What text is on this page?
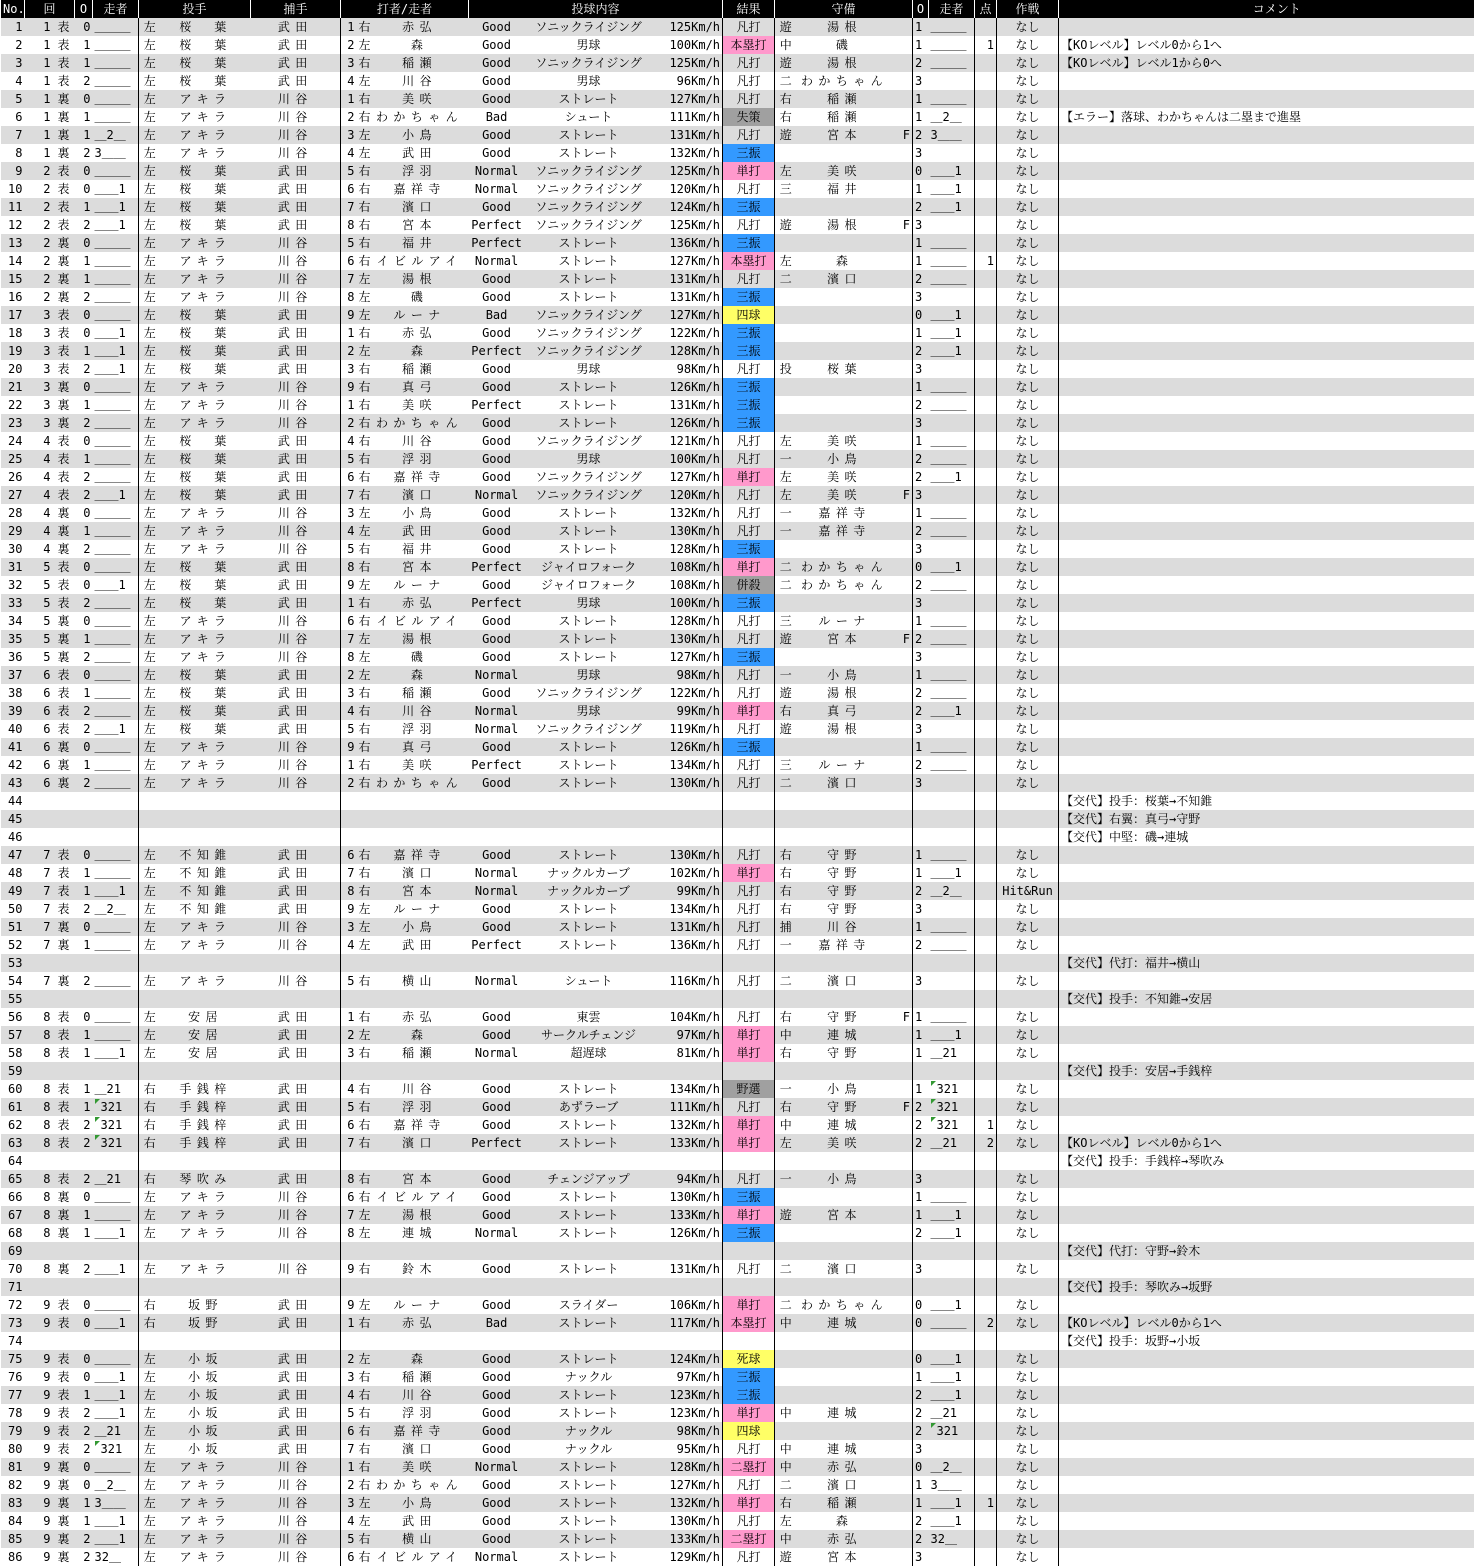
No.	回		O	走者	投手		捕手	打者/走者			投球内容			結果	守備			O	走者	点	作戦	コメント
1	1	表	0	＿＿＿	左	桜　葉	武田	1	右	赤弘	Good	ソニックライジング	125Km/h	凡打	遊	湯根		1	＿＿＿		なし	
2	1	表	1	＿＿＿	左	桜　葉	武田	2	左	森	Good	男球	100Km/h	本塁打	中	磯		1	＿＿＿	1	なし	【KOレベル】レベル0から1へ
3	1	表	1	＿＿＿	左	桜　葉	武田	3	右	稲瀬	Good	ソニックライジング	125Km/h	凡打	遊	湯根		2	＿＿＿		なし	【KOレベル】レベル1から0へ
4	1	表	2	＿＿＿	左	桜　葉	武田	4	左	川谷	Good	男球	96Km/h	凡打	二	わかちゃん		3			なし	
5	1	裏	0	＿＿＿	左	アキラ	川谷	1	右	美咲	Good	ストレート	127Km/h	凡打	右	稲瀬		1	＿＿＿		なし	
6	1	裏	1	＿＿＿	左	アキラ	川谷	2	右	わかちゃん	Bad	シュート	111Km/h	失策	右	稲瀬		1	＿2＿		なし	【エラー】落球、わかちゃんは二塁まで進塁
7	1	裏	1	＿2＿	左	アキラ	川谷	3	左	小鳥	Good	ストレート	131Km/h	凡打	遊	宮本	F	2	3＿＿		なし	
8	1	裏	2	3＿＿	左	アキラ	川谷	4	左	武田	Good	ストレート	132Km/h	三振				3			なし	
9	2	表	0	＿＿＿	左	桜　葉	武田	5	右	浮羽	Normal	ソニックライジング	125Km/h	単打	左	美咲		0	＿＿1		なし	
10	2	表	0	＿＿1	左	桜　葉	武田	6	右	嘉祥寺	Normal	ソニックライジング	120Km/h	凡打	三	福井		1	＿＿1		なし	
11	2	表	1	＿＿1	左	桜　葉	武田	7	右	濱口	Good	ソニックライジング	124Km/h	三振				2	＿＿1		なし	
12	2	表	2	＿＿1	左	桜　葉	武田	8	右	宮本	Perfect	ソニックライジング	125Km/h	凡打	遊	湯根	F	3			なし	
13	2	裏	0	＿＿＿	左	アキラ	川谷	5	右	福井	Perfect	ストレート	136Km/h	三振				1	＿＿＿		なし	
14	2	裏	1	＿＿＿	左	アキラ	川谷	6	右	イビルアイ	Normal	ストレート	127Km/h	本塁打	左	森		1	＿＿＿	1	なし	
15	2	裏	1	＿＿＿	左	アキラ	川谷	7	左	湯根	Good	ストレート	131Km/h	凡打	二	濱口		2	＿＿＿		なし	
16	2	裏	2	＿＿＿	左	アキラ	川谷	8	左	磯	Good	ストレート	131Km/h	三振				3			なし	
17	3	表	0	＿＿＿	左	桜　葉	武田	9	左	ルーナ	Bad	ソニックライジング	127Km/h	四球				0	＿＿1		なし	
18	3	表	0	＿＿1	左	桜　葉	武田	1	右	赤弘	Good	ソニックライジング	122Km/h	三振				1	＿＿1		なし	
19	3	表	1	＿＿1	左	桜　葉	武田	2	左	森	Perfect	ソニックライジング	128Km/h	三振				2	＿＿1		なし	
20	3	表	2	＿＿1	左	桜　葉	武田	3	右	稲瀬	Good	男球	98Km/h	凡打	投	桜葉		3			なし	
21	3	裏	0	＿＿＿	左	アキラ	川谷	9	右	真弓	Good	ストレート	126Km/h	三振				1	＿＿＿		なし	
22	3	裏	1	＿＿＿	左	アキラ	川谷	1	右	美咲	Perfect	ストレート	131Km/h	三振				2	＿＿＿		なし	
23	3	裏	2	＿＿＿	左	アキラ	川谷	2	右	わかちゃん	Good	ストレート	126Km/h	三振				3			なし	
24	4	表	0	＿＿＿	左	桜　葉	武田	4	右	川谷	Good	ソニックライジング	121Km/h	凡打	左	美咲		1	＿＿＿		なし	
25	4	表	1	＿＿＿	左	桜　葉	武田	5	右	浮羽	Good	男球	100Km/h	凡打	一	小鳥		2	＿＿＿		なし	
26	4	表	2	＿＿＿	左	桜　葉	武田	6	右	嘉祥寺	Good	ソニックライジング	127Km/h	単打	左	美咲		2	＿＿1		なし	
27	4	表	2	＿＿1	左	桜　葉	武田	7	右	濱口	Normal	ソニックライジング	120Km/h	凡打	左	美咲	F	3			なし	
28	4	裏	0	＿＿＿	左	アキラ	川谷	3	左	小鳥	Good	ストレート	132Km/h	凡打	一	嘉祥寺		1	＿＿＿		なし	
29	4	裏	1	＿＿＿	左	アキラ	川谷	4	左	武田	Good	ストレート	130Km/h	凡打	一	嘉祥寺		2	＿＿＿		なし	
30	4	裏	2	＿＿＿	左	アキラ	川谷	5	右	福井	Good	ストレート	128Km/h	三振				3			なし	
31	5	表	0	＿＿＿	左	桜　葉	武田	8	右	宮本	Perfect	ジャイロフォーク	108Km/h	単打	二	わかちゃん		0	＿＿1		なし	
32	5	表	0	＿＿1	左	桜　葉	武田	9	左	ルーナ	Good	ジャイロフォーク	108Km/h	併殺	二	わかちゃん		2	＿＿＿		なし	
33	5	表	2	＿＿＿	左	桜　葉	武田	1	右	赤弘	Perfect	男球	100Km/h	三振				3			なし	
34	5	裏	0	＿＿＿	左	アキラ	川谷	6	右	イビルアイ	Good	ストレート	128Km/h	凡打	三	ルーナ		1	＿＿＿		なし	
35	5	裏	1	＿＿＿	左	アキラ	川谷	7	左	湯根	Good	ストレート	130Km/h	凡打	遊	宮本	F	2	＿＿＿		なし	
36	5	裏	2	＿＿＿	左	アキラ	川谷	8	左	磯	Good	ストレート	127Km/h	三振				3			なし	
37	6	表	0	＿＿＿	左	桜　葉	武田	2	左	森	Normal	男球	98Km/h	凡打	一	小鳥		1	＿＿＿		なし	
38	6	表	1	＿＿＿	左	桜　葉	武田	3	右	稲瀬	Good	ソニックライジング	122Km/h	凡打	遊	湯根		2	＿＿＿		なし	
39	6	表	2	＿＿＿	左	桜　葉	武田	4	右	川谷	Normal	男球	99Km/h	単打	右	真弓		2	＿＿1		なし	
40	6	表	2	＿＿1	左	桜　葉	武田	5	右	浮羽	Normal	ソニックライジング	119Km/h	凡打	遊	湯根		3			なし	
41	6	裏	0	＿＿＿	左	アキラ	川谷	9	右	真弓	Good	ストレート	126Km/h	三振				1	＿＿＿		なし	
42	6	裏	1	＿＿＿	左	アキラ	川谷	1	右	美咲	Perfect	ストレート	134Km/h	凡打	三	ルーナ		2	＿＿＿		なし	
43	6	裏	2	＿＿＿	左	アキラ	川谷	2	右	わかちゃん	Good	ストレート	130Km/h	凡打	二	濱口		3			なし	
44																						【交代】投手：桜葉→不知錐
45																						【交代】右翼：真弓→守野
46																						【交代】中堅：磯→連城
47	7	表	0	＿＿＿	左	不知錐	武田	6	右	嘉祥寺	Good	ストレート	130Km/h	凡打	右	守野		1	＿＿＿		なし	
48	7	表	1	＿＿＿	左	不知錐	武田	7	右	濱口	Normal	ナックルカーブ	102Km/h	単打	右	守野		1	＿＿1		なし	
49	7	表	1	＿＿1	左	不知錐	武田	8	右	宮本	Normal	ナックルカーブ	99Km/h	凡打	右	守野		2	＿2＿		Hit&Run	
50	7	表	2	＿2＿	左	不知錐	武田	9	左	ルーナ	Good	ストレート	134Km/h	凡打	右	守野		3			なし	
51	7	裏	0	＿＿＿	左	アキラ	川谷	3	左	小鳥	Good	ストレート	131Km/h	凡打	捕	川谷		1	＿＿＿		なし	
52	7	裏	1	＿＿＿	左	アキラ	川谷	4	左	武田	Perfect	ストレート	136Km/h	凡打	一	嘉祥寺		2	＿＿＿		なし	
53																						【交代】代打：福井→横山
54	7	裏	2	＿＿＿	左	アキラ	川谷	5	右	横山	Normal	シュート	116Km/h	凡打	二	濱口		3			なし	
55																						【交代】投手：不知錐→安居
56	8	表	0	＿＿＿	左	安居	武田	1	右	赤弘	Good	東雲	104Km/h	凡打	右	守野	F	1	＿＿＿		なし	
57	8	表	1	＿＿＿	左	安居	武田	2	左	森	Good	サークルチェンジ	97Km/h	単打	中	連城		1	＿＿1		なし	
58	8	表	1	＿＿1	左	安居	武田	3	右	稲瀬	Normal	超遅球	81Km/h	単打	右	守野		1	＿21		なし	
59																						【交代】投手：安居→手銭梓
60	8	表	1	＿21	右	手銭梓	武田	4	右	川谷	Good	ストレート	134Km/h	野選	一	小鳥		1	321		なし	
61	8	表	1	321	右	手銭梓	武田	5	右	浮羽	Good	あずラーブ	111Km/h	凡打	右	守野	F	2	321		なし	
62	8	表	2	321	右	手銭梓	武田	6	右	嘉祥寺	Good	ストレート	132Km/h	単打	中	連城		2	321	1	なし	
63	8	表	2	321	右	手銭梓	武田	7	右	濱口	Perfect	ストレート	133Km/h	単打	左	美咲		2	＿21	2	なし	【KOレベル】レベル0から1へ
64																						【交代】投手：手銭梓→琴吹み
65	8	表	2	＿21	右	琴吹み	武田	8	右	宮本	Good	チェンジアップ	94Km/h	凡打	一	小鳥		3			なし	
66	8	裏	0	＿＿＿	左	アキラ	川谷	6	右	イビルアイ	Good	ストレート	130Km/h	三振				1	＿＿＿		なし	
67	8	裏	1	＿＿＿	左	アキラ	川谷	7	左	湯根	Good	ストレート	133Km/h	単打	遊	宮本		1	＿＿1		なし	
68	8	裏	1	＿＿1	左	アキラ	川谷	8	左	連城	Normal	ストレート	126Km/h	三振				2	＿＿1		なし	
69																						【交代】代打：守野→鈴木
70	8	裏	2	＿＿1	左	アキラ	川谷	9	右	鈴木	Good	ストレート	131Km/h	凡打	二	濱口		3			なし	
71																						【交代】投手：琴吹み→坂野
72	9	表	0	＿＿＿	右	坂野	武田	9	左	ルーナ	Good	スライダー	106Km/h	単打	二	わかちゃん		0	＿＿1		なし	
73	9	表	0	＿＿1	右	坂野	武田	1	右	赤弘	Bad	ストレート	117Km/h	本塁打	中	連城		0	＿＿＿	2	なし	【KOレベル】レベル0から1へ
74																						【交代】投手：坂野→小坂
75	9	表	0	＿＿＿	左	小坂	武田	2	左	森	Good	ストレート	124Km/h	死球				0	＿＿1		なし	
76	9	表	0	＿＿1	左	小坂	武田	3	右	稲瀬	Good	ナックル	97Km/h	三振				1	＿＿1		なし	
77	9	表	1	＿＿1	左	小坂	武田	4	右	川谷	Good	ストレート	123Km/h	三振				2	＿＿1		なし	
78	9	表	2	＿＿1	左	小坂	武田	5	右	浮羽	Good	ストレート	123Km/h	単打	中	連城		2	＿21		なし	
79	9	表	2	＿21	左	小坂	武田	6	右	嘉祥寺	Good	ナックル	98Km/h	四球				2	321		なし	
80	9	表	2	321	左	小坂	武田	7	右	濱口	Good	ナックル	95Km/h	凡打	中	連城		3			なし	
81	9	裏	0	＿＿＿	左	アキラ	川谷	1	右	美咲	Normal	ストレート	128Km/h	二塁打	中	赤弘		0	＿2＿		なし	
82	9	裏	0	＿2＿	左	アキラ	川谷	2	右	わかちゃん	Good	ストレート	127Km/h	凡打	二	濱口		1	3＿＿		なし	
83	9	裏	1	3＿＿	左	アキラ	川谷	3	左	小鳥	Good	ストレート	132Km/h	単打	右	稲瀬		1	＿＿1	1	なし	
84	9	裏	1	＿＿1	左	アキラ	川谷	4	左	武田	Good	ストレート	130Km/h	凡打	左	森		2	＿＿1		なし	
85	9	裏	2	＿＿1	左	アキラ	川谷	5	右	横山	Good	ストレート	133Km/h	二塁打	中	赤弘		2	32＿		なし	
86	9	裏	2	32＿	左	アキラ	川谷	6	右	イビルアイ	Normal	ストレート	129Km/h	凡打	遊	宮本		3			なし	
